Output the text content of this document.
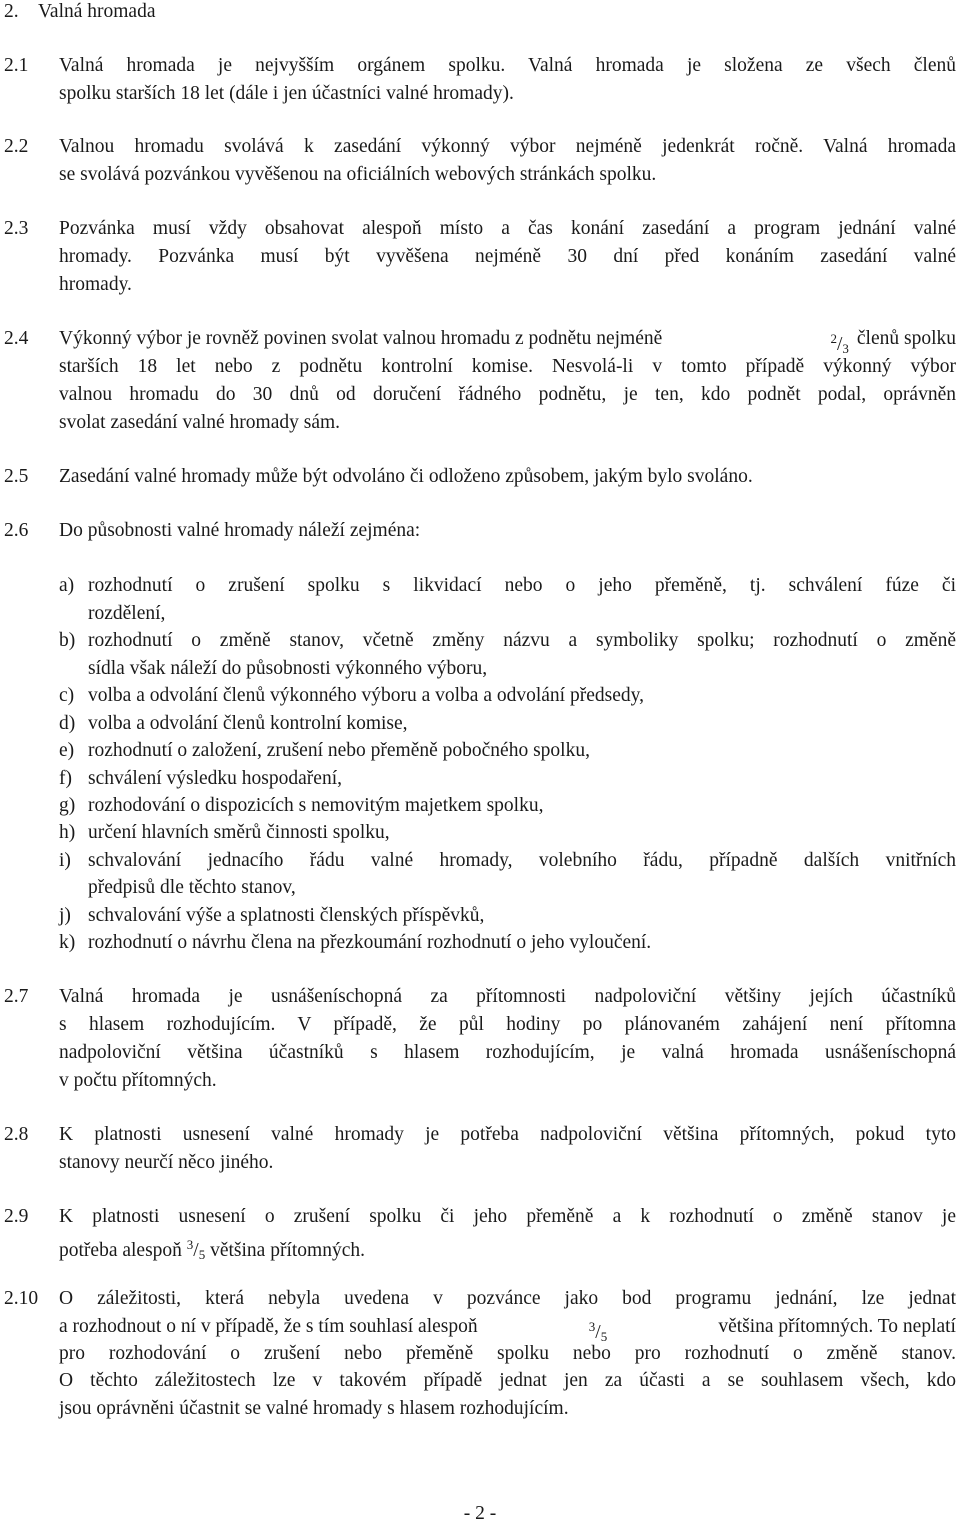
2. Valná hromada
2.1 Valná hromada je nejvyšším orgánem spolku. Valná hromada je složena ze všech členů
spolku starších 18 let (dále i jen účastníci valné hromady).
2.2 Valnou hromadu svolává k zasedání výkonný výbor nejméně jedenkrát ročně. Valná hromada
se svolává pozvánkou vyvěšenou na oficiálních webových stránkách spolku.
2.3 Pozvánka musí vždy obsahovat alespoň místo a čas konání zasedání a program jednání valné
hromady. Pozvánka musí být vyvěšena nejméně 30 dní před konáním zasedání valné
hromady.
2.4 Výkonný výbor je rovněž povinen svolat valnou hromadu z podnětu nejméně	$^2$/3 členů spolku
starších 18 let nebo z podnětu kontrolní komise. Nesvolá-li v tomto případě výkonný výbor
valnou hromadu do 30 dnů od doručení řádného podnětu, je ten, kdo podnět podal, oprávněn
svolat zasedání valné hromady sám.
2.5 Zasedání valné hromady může být odvoláno či odloženo způsobem, jakým bylo svoláno.
2.6 Do působnosti valné hromady náleží zejména:
a) rozhodnutí o zrušení spolku s likvidací nebo o jeho přeměně, tj. schválení fúze či
rozdělení,
b) rozhodnutí o změně stanov, včetně změny názvu a symboliky spolku; rozhodnutí o změně
sídla však náleží do působnosti výkonného výboru,
c) volba a odvolání členů výkonného výboru a volba a odvolání předsedy,
d) volba a odvolání členů kontrolní komise,
e) rozhodnutí o založení, zrušení nebo přeměně pobočného spolku,
f) schválení výsledku hospodaření,
g) rozhodování o dispozicích s nemovitým majetkem spolku,
h) určení hlavních směrů činnosti spolku,
i) schvalování jednacího řádu valné hromady, volebního řádu, případně dalších vnitřních
předpisů dle těchto stanov,
j) schvalování výše a splatnosti členských příspěvků,
k) rozhodnutí o návrhu člena na přezkoumání rozhodnutí o jeho vyloučení.
2.7 Valná hromada je usnášeníschopná za přítomnosti nadpoloviční většiny jejích účastníků
s hlasem rozhodujícím. V případě, že půl hodiny po plánovaném zahájení není přítomna
nadpoloviční většina účastníků s hlasem rozhodujícím, je valná hromada usnášeníschopná
v počtu přítomných.
2.8 K platnosti usnesení valné hromady je potřeba nadpoloviční většina přítomných, pokud tyto
stanovy neurčí něco jiného.
2.9 K platnosti usnesení o zrušení spolku či jeho přeměně a k rozhodnutí o změně stanov je
potřeba alespoň $^3$/5 většina přítomných.
2.10 O záležitosti, která nebyla uvedena v pozvánce jako bod programu jednání, lze jednat
a rozhodnout o ní v případě, že s tím souhlasí alespoň	$^3$/5	většina přítomných. To neplatí
pro rozhodování o zrušení nebo přeměně spolku nebo pro rozhodnutí o změně stanov.
O těchto záležitostech lze v takovém případě jednat jen za účasti a se souhlasem všech, kdo
jsou oprávněni účastnit se valné hromady s hlasem rozhodujícím.
- 2 -
